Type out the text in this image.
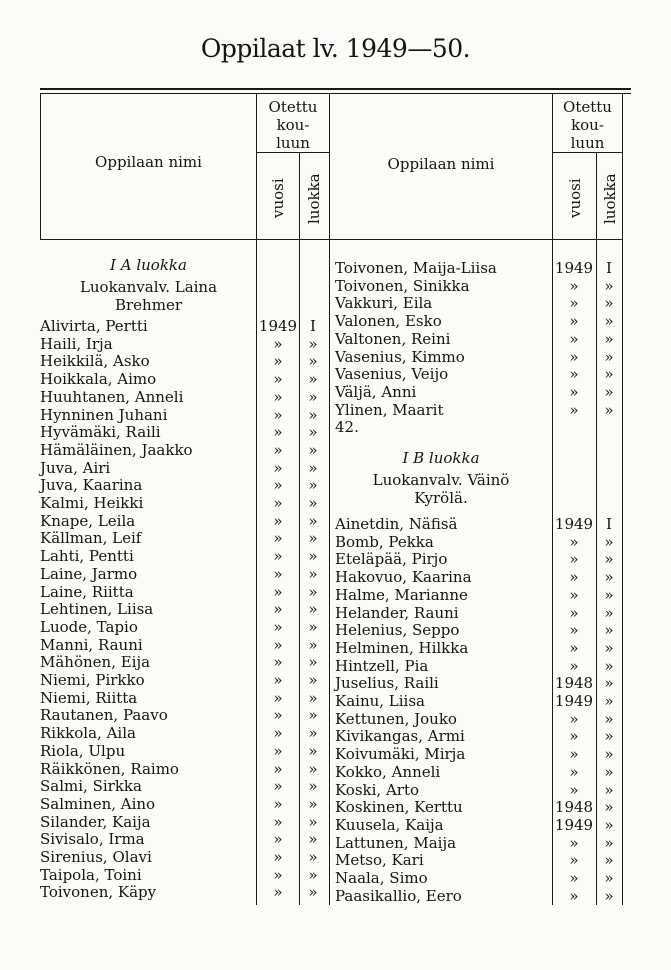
Oppilaat lv. 1949—50.
Oppilaan nimi	Oppilaan nimi
Otettu
kou-
luun
Otettu
kou-
luun
vuosi luokka	vuosi luokka
I A luokka
Luokanvalv. Laina
Brehmer
Alivirta, Pertti	1949 I
Haili, Irja	»	»
Heikkilä, Asko	»	»
Hoikkala, Aimo	»	»
Huuhtanen, Anneli	»	»
Hynninen Juhani	»	»
Hyvämäki, Raili	»	»
Hämäläinen, Jaakko	»	»
Juva, Airi	»	»
Juva, Kaarina	»	»
Kalmi, Heikki	»	»
Knape, Leila	»	»
Källman, Leif	»	»
Lahti, Pentti	»	»
Laine, Jarmo	»	»
Laine, Riitta	»	»
Lehtinen, Liisa	»	»
Luode, Tapio	»	»
Manni, Rauni	»	»
Mähönen, Eija	»	»
Niemi, Pirkko	»	»
Niemi, Riitta	»	»
Rautanen, Paavo	»	»
Rikkola, Aila	»	»
Riola, Ulpu	»	»
Räikkönen, Raimo	»	»
Salmi, Sirkka	»	»
Salminen, Aino	»	»
Silander, Kaija	»	»
Sivisalo, Irma	»	»
Sirenius, Olavi	»	»
Taipola, Toini	»	»
Toivonen, Käpy	»	»
Toivonen, Maija-Liisa	1949 I
Toivonen, Sinikka	»	»
Vakkuri, Eila	»	»
Valonen, Esko	»	»
Valtonen, Reini	»	»
Vasenius, Kimmo	»	»
Vasenius, Veijo	»	»
Väljä, Anni	»	»
Ylinen, Maarit	»	»
42.
I B luokka
Luokanvalv. Väinö
Kyrölä.
Ainetdin, Näfisä	1949 I
Bomb, Pekka	»	»
Eteläpää, Pirjo	»	»
Hakovuo, Kaarina	»	»
Halme, Marianne	»	»
Helander, Rauni	»	»
Helenius, Seppo	»	»
Helminen, Hilkka	»	»
Hintzell, Pia	»	»
Juselius, Raili	1948 »
Kainu, Liisa	1949 »
Kettunen, Jouko	»	»
Kivikangas, Armi	»	»
Koivumäki, Mirja	»	»
Kokko, Anneli	»	»
Koski, Arto	»	»
Koskinen, Kerttu	1948 »
Kuusela, Kaija	1949 »
Lattunen, Maija	»	»
Metso, Kari	»	»
Naala, Simo	»	»
Paasikallio, Eero	»	»
